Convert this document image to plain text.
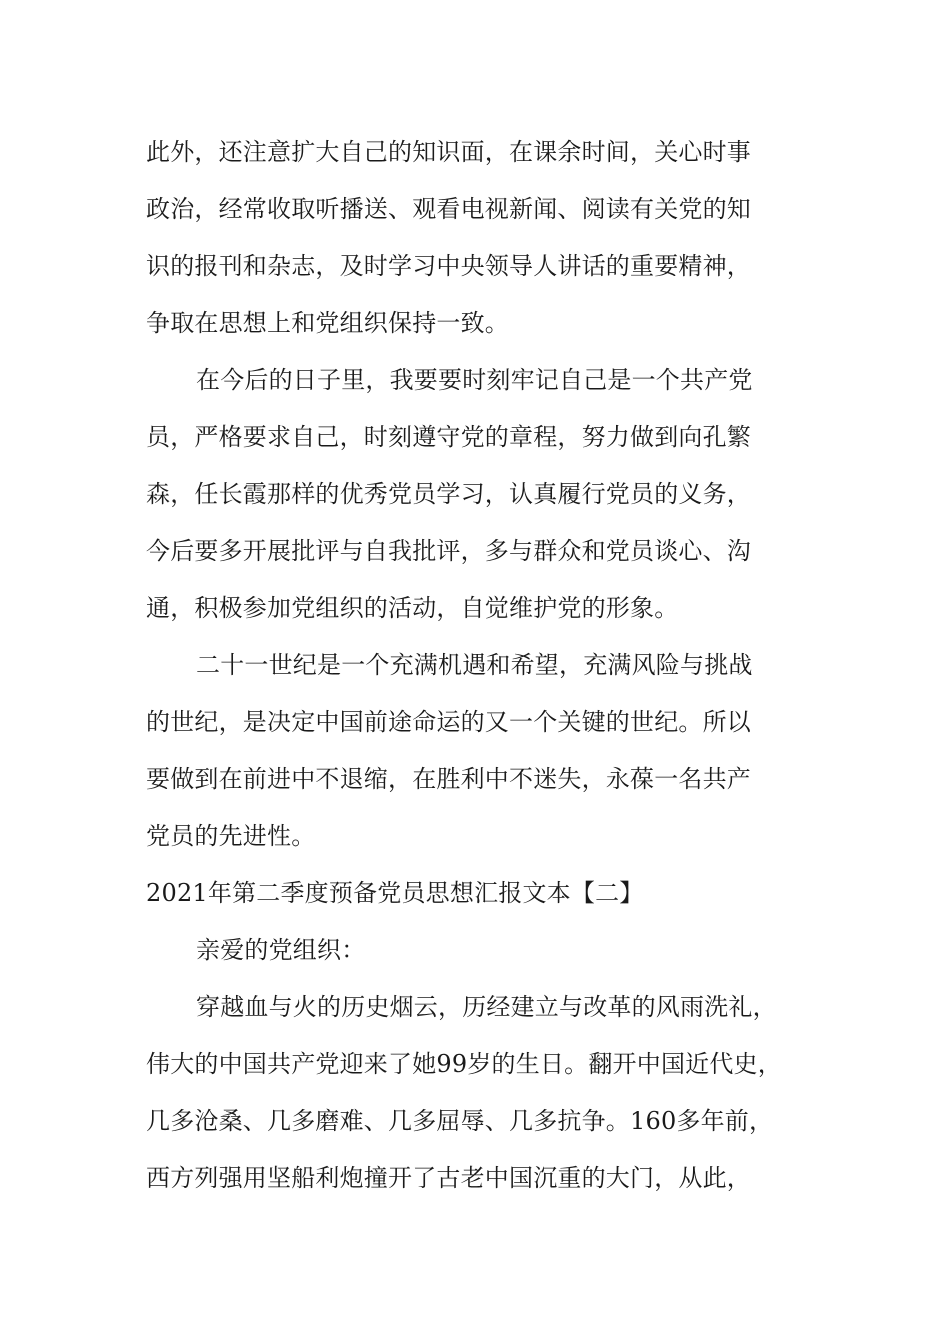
此外，还注意扩大自己的知识面，在课余时间，关心时事
政治，经常收取听播送、观看电视新闻、阅读有关党的知
识的报刊和杂志，及时学习中央领导人讲话的重要精神，
争取在思想上和党组织保持一致。
在今后的日子里，我要要时刻牢记自己是一个共产党
员，严格要求自己，时刻遵守党的章程，努力做到向孔繁
森，任长霞那样的优秀党员学习，认真履行党员的义务，
今后要多开展批评与自我批评，多与群众和党员谈心、沟
通，积极参加党组织的活动，自觉维护党的形象。
二十一世纪是一个充满机遇和希望，充满风险与挑战
的世纪，是决定中国前途命运的又一个关键的世纪。所以
要做到在前进中不退缩，在胜利中不迷失，永葆一名共产
党员的先进性。
2021年第二季度预备党员思想汇报文本【二】
亲爱的党组织：
穿越血与火的历史烟云，历经建立与改革的风雨洗礼，
伟大的中国共产党迎来了她99岁的生日。翻开中国近代史，
几多沧桑、几多磨难、几多屈辱、几多抗争。160多年前，
西方列强用坚船利炮撞开了古老中国沉重的大门，从此，
